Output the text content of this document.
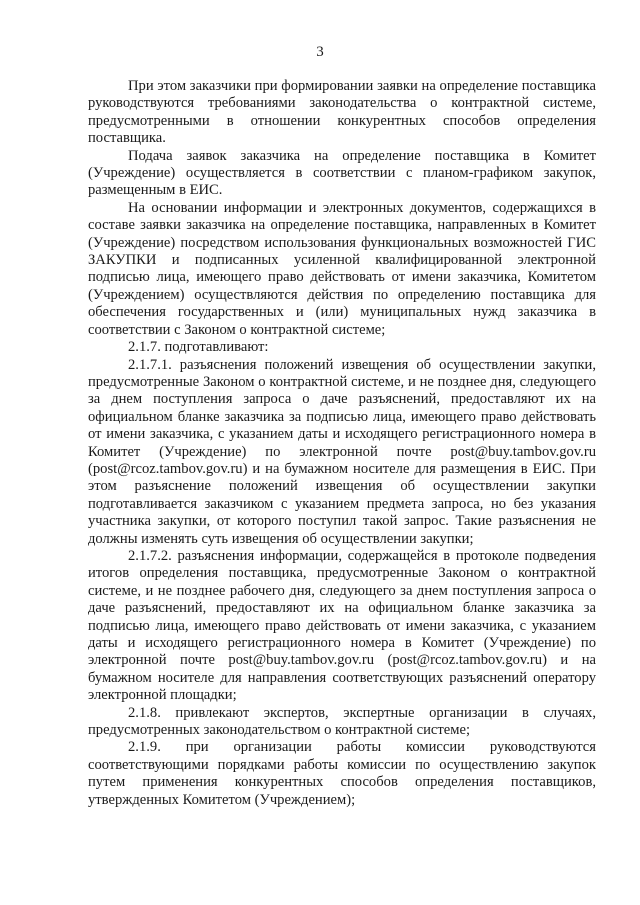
3

При этом заказчики при формировании заявки на определение поставщика руководствуются требованиями законодательства о контрактной системе, предусмотренными в отношении конкурентных способов определения поставщика.

Подача заявок заказчика на определение поставщика в Комитет (Учреждение) осуществляется в соответствии с планом-графиком закупок, размещенным в ЕИС.

На основании информации и электронных документов, содержащихся в составе заявки заказчика на определение поставщика, направленных в Комитет (Учреждение) посредством использования функциональных возможностей ГИС ЗАКУПКИ и подписанных усиленной квалифицированной электронной подписью лица, имеющего право действовать от имени заказчика, Комитетом (Учреждением) осуществляются действия по определению поставщика для обеспечения государственных и (или) муниципальных нужд заказчика в соответствии с Законом о контрактной системе;

2.1.7. подготавливают:

2.1.7.1. разъяснения положений извещения об осуществлении закупки, предусмотренные Законом о контрактной системе, и не позднее дня, следующего за днем поступления запроса о даче разъяснений, предоставляют их на официальном бланке заказчика за подписью лица, имеющего право действовать от имени заказчика, с указанием даты и исходящего регистрационного номера в Комитет (Учреждение) по электронной почте post@buy.tambov.gov.ru (post@rcoz.tambov.gov.ru) и на бумажном носителе для размещения в ЕИС. При этом разъяснение положений извещения об осуществлении закупки подготавливается заказчиком с указанием предмета запроса, но без указания участника закупки, от которого поступил такой запрос. Такие разъяснения не должны изменять суть извещения об осуществлении закупки;

2.1.7.2. разъяснения информации, содержащейся в протоколе подведения итогов определения поставщика, предусмотренные Законом о контрактной системе, и не позднее рабочего дня, следующего за днем поступления запроса о даче разъяснений, предоставляют их на официальном бланке заказчика за подписью лица, имеющего право действовать от имени заказчика, с указанием даты и исходящего регистрационного номера в Комитет (Учреждение) по электронной почте post@buy.tambov.gov.ru (post@rcoz.tambov.gov.ru) и на бумажном носителе для направления соответствующих разъяснений оператору электронной площадки;

2.1.8. привлекают экспертов, экспертные организации в случаях, предусмотренных законодательством о контрактной системе;

2.1.9. при организации работы комиссии руководствуются соответствующими порядками работы комиссии по осуществлению закупок путем применения конкурентных способов определения поставщиков, утвержденных Комитетом (Учреждением);
